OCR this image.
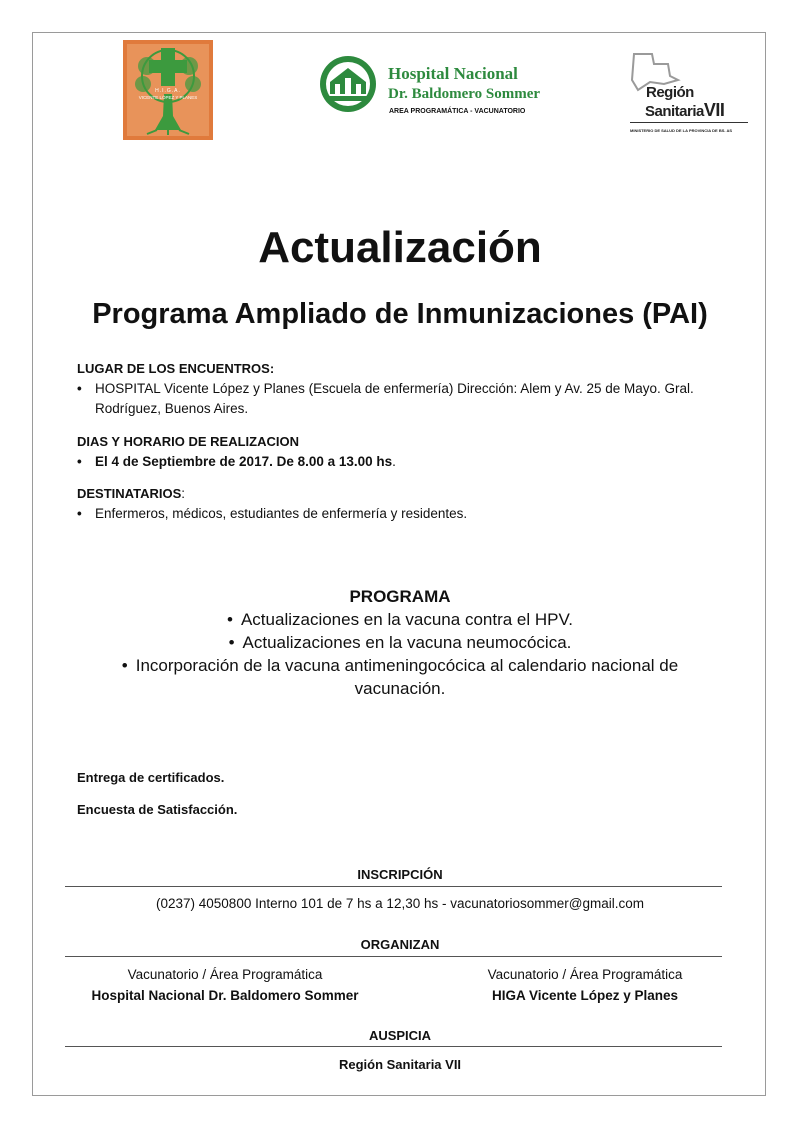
H.I.G.A.
VICENTE LÓPEZ Y PLANES
Hospital Nacional
Dr. Baldomero Sommer
AREA PROGRAMÁTICA - VACUNATORIO
Región
SanitariaVII
MINISTERIO DE SALUD DE LA PROVINCIA DE BS. AS
Actualización
Programa Ampliado de Inmunizaciones (PAI)
LUGAR DE LOS ENCUENTROS:
• HOSPITAL Vicente López y Planes (Escuela de enfermería) Dirección: Alem y Av. 25 de Mayo. Gral. Rodríguez, Buenos Aires.
DIAS Y HORARIO DE REALIZACION
• El 4 de Septiembre de 2017. De 8.00 a 13.00 hs.
DESTINATARIOS:
• Enfermeros, médicos, estudiantes de enfermería y residentes.
PROGRAMA
• Actualizaciones en la vacuna contra el HPV.
• Actualizaciones en la vacuna neumocócica.
• Incorporación de la vacuna antimeningocócica al calendario nacional de vacunación.
Entrega de certificados.
Encuesta de Satisfacción.
INSCRIPCIÓN
(0237) 4050800 Interno 101 de 7 hs a 12,30 hs - vacunatoriosommer@gmail.com
ORGANIZAN
Vacunatorio / Área Programática
Hospital Nacional Dr. Baldomero Sommer
Vacunatorio / Área Programática
HIGA Vicente López y Planes
AUSPICIA
Región Sanitaria VII
